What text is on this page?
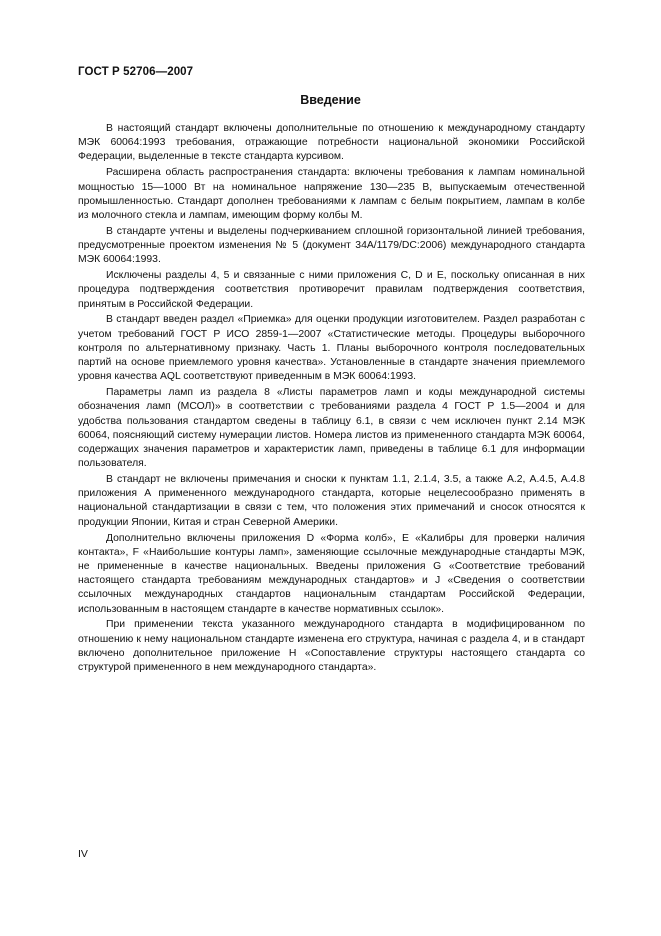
ГОСТ Р 52706—2007
Введение

В настоящий стандарт включены дополнительные по отношению к международному стандарту МЭК 60064:1993 требования, отражающие потребности национальной экономики Российской Федерации, выделенные в тексте стандарта курсивом.

Расширена область распространения стандарта: включены требования к лампам номинальной мощностью 15—1000 Вт на номинальное напряжение 130—235 В, выпускаемым отечественной промышленностью. Стандарт дополнен требованиями к лампам с белым покрытием, лампам в колбе из молочного стекла и лампам, имеющим форму колбы М.

В стандарте учтены и выделены подчеркиванием сплошной горизонтальной линией требования, предусмотренные проектом изменения № 5 (документ 34А/1179/DC:2006) международного стандарта МЭК 60064:1993.

Исключены разделы 4, 5 и связанные с ними приложения С, D и Е, поскольку описанная в них процедура подтверждения соответствия противоречит правилам подтверждения соответствия, принятым в Российской Федерации.

В стандарт введен раздел «Приемка» для оценки продукции изготовителем. Раздел разработан с учетом требований ГОСТ Р ИСО 2859-1—2007 «Статистические методы. Процедуры выборочного контроля по альтернативному признаку. Часть 1. Планы выборочного контроля последовательных партий на основе приемлемого уровня качества». Установленные в стандарте значения приемлемого уровня качества AQL соответствуют приведенным в МЭК 60064:1993.

Параметры ламп из раздела 8 «Листы параметров ламп и коды международной системы обозначения ламп (МСОЛ)» в соответствии с требованиями раздела 4 ГОСТ Р 1.5—2004 и для удобства пользования стандартом сведены в таблицу 6.1, в связи с чем исключен пункт 2.14 МЭК 60064, поясняющий систему нумерации листов. Номера листов из примененного стандарта МЭК 60064, содержащих значения параметров и характеристик ламп, приведены в таблице 6.1 для информации пользователя.

В стандарт не включены примечания и сноски к пунктам 1.1, 2.1.4, 3.5, а также А.2, А.4.5, А.4.8 приложения А примененного международного стандарта, которые нецелесообразно применять в национальной стандартизации в связи с тем, что положения этих примечаний и сносок относятся к продукции Японии, Китая и стран Северной Америки.

Дополнительно включены приложения D «Форма колб», Е «Калибры для проверки наличия контакта», F «Наибольшие контуры ламп», заменяющие ссылочные международные стандарты МЭК, не примененные в качестве национальных. Введены приложения G «Соответствие требований настоящего стандарта требованиям международных стандартов» и J «Сведения о соответствии ссылочных международных стандартов национальным стандартам Российской Федерации, использованным в настоящем стандарте в качестве нормативных ссылок».

При применении текста указанного международного стандарта в модифицированном по отношению к нему национальном стандарте изменена его структура, начиная с раздела 4, и в стандарт включено дополнительное приложение Н «Сопоставление структуры настоящего стандарта со структурой примененного в нем международного стандарта».

IV
